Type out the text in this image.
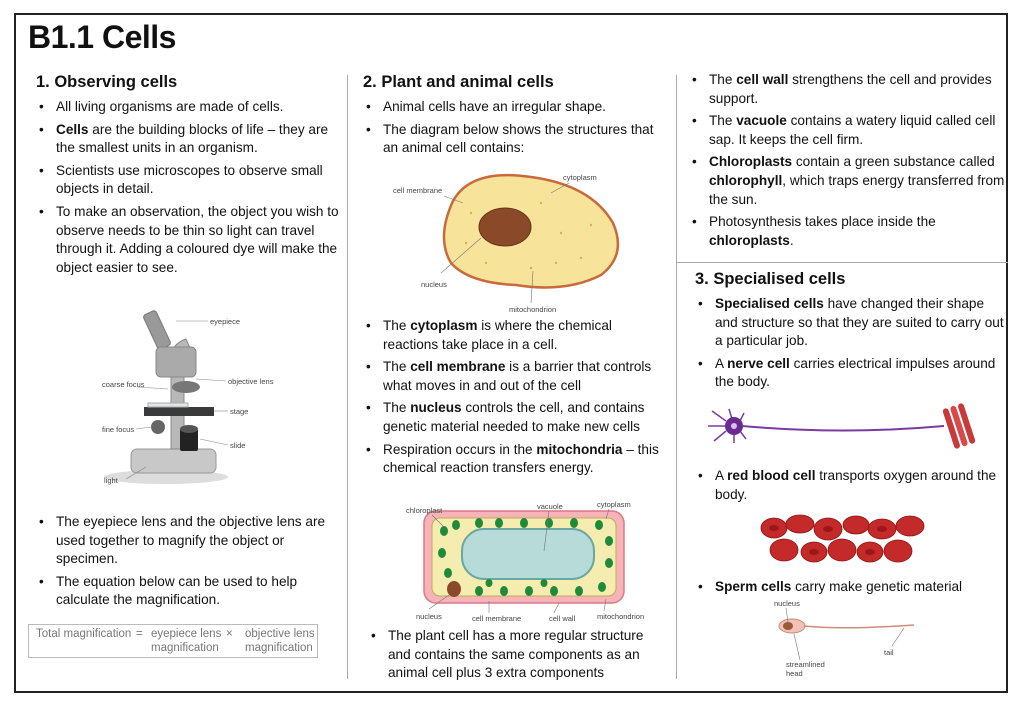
B1.1 Cells
1. Observing cells
• All living organisms are made of cells.
• Cells are the building blocks of life – they are the smallest units in an organism.
• Scientists use microscopes to observe small objects in detail.
• To make an observation, the object you wish to observe needs to be thin so light can travel through it. Adding a coloured dye will make the object easier to see.
eyepiece
objective lens
coarse focus
stage
fine focus
slide
light
• The eyepiece lens and the objective lens are used together to magnify the object or specimen.
• The equation below can be used to help calculate the magnification.
Total magnification = eyepiece lens
magnification
× objective lens
magnification
2. Plant and animal cells
• Animal cells have an irregular shape.
• The diagram below shows the structures that an animal cell contains:
cell membrane
cytoplasm
nucleus
mitochondrion
• The cytoplasm is where the chemical reactions take place in a cell.
• The cell membrane is a barrier that controls what moves in and out of the cell
• The nucleus controls the cell, and contains genetic material needed to make new cells
• Respiration occurs in the mitochondria – this chemical reaction transfers energy.
chloroplast	vacuole	cytoplasm
nucleus	cell membrane	cell wall	mitochondrion
• The plant cell has a more regular structure and contains the same components as an animal cell plus 3 extra components
• The cell wall strengthens the cell and provides support.
• The vacuole contains a watery liquid called cell sap. It keeps the cell firm.
• Chloroplasts contain a green substance called chlorophyll, which traps energy transferred from the sun.
• Photosynthesis takes place inside the chloroplasts.
3. Specialised cells
• Specialised cells have changed their shape and structure so that they are suited to carry out a particular job.
• A nerve cell carries electrical impulses around the body.
• A red blood cell transports oxygen around the body.
• Sperm cells carry make genetic material
nucleus
tail
streamlined
head
